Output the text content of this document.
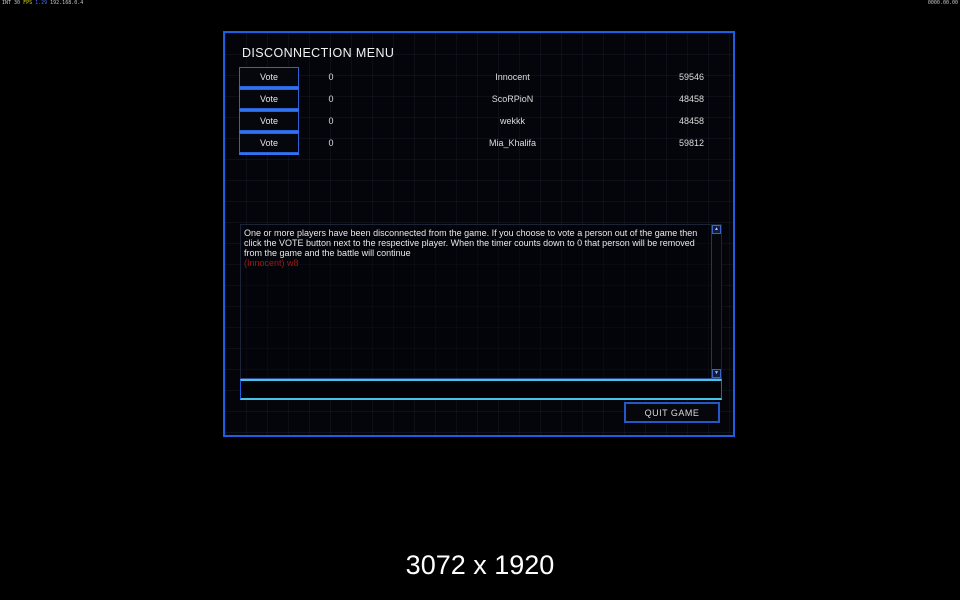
INT 30 FPS 1.29 192.168.0.4	0000.00.00
DISCONNECTION MENU
Vote	0	Innocent	59546
Vote	0	ScoRPioN	48458
Vote	0	wekkk	48458
Vote	0	Mia_Khalifa	59812
One or more players have been disconnected from the game. If you choose to vote a person out of the game then click the VOTE button next to the respective player. When the timer counts down to 0 that person will be removed from the game and the battle will continue
(Innocent) w8
▲
▼
QUIT GAME
3072 x 1920
